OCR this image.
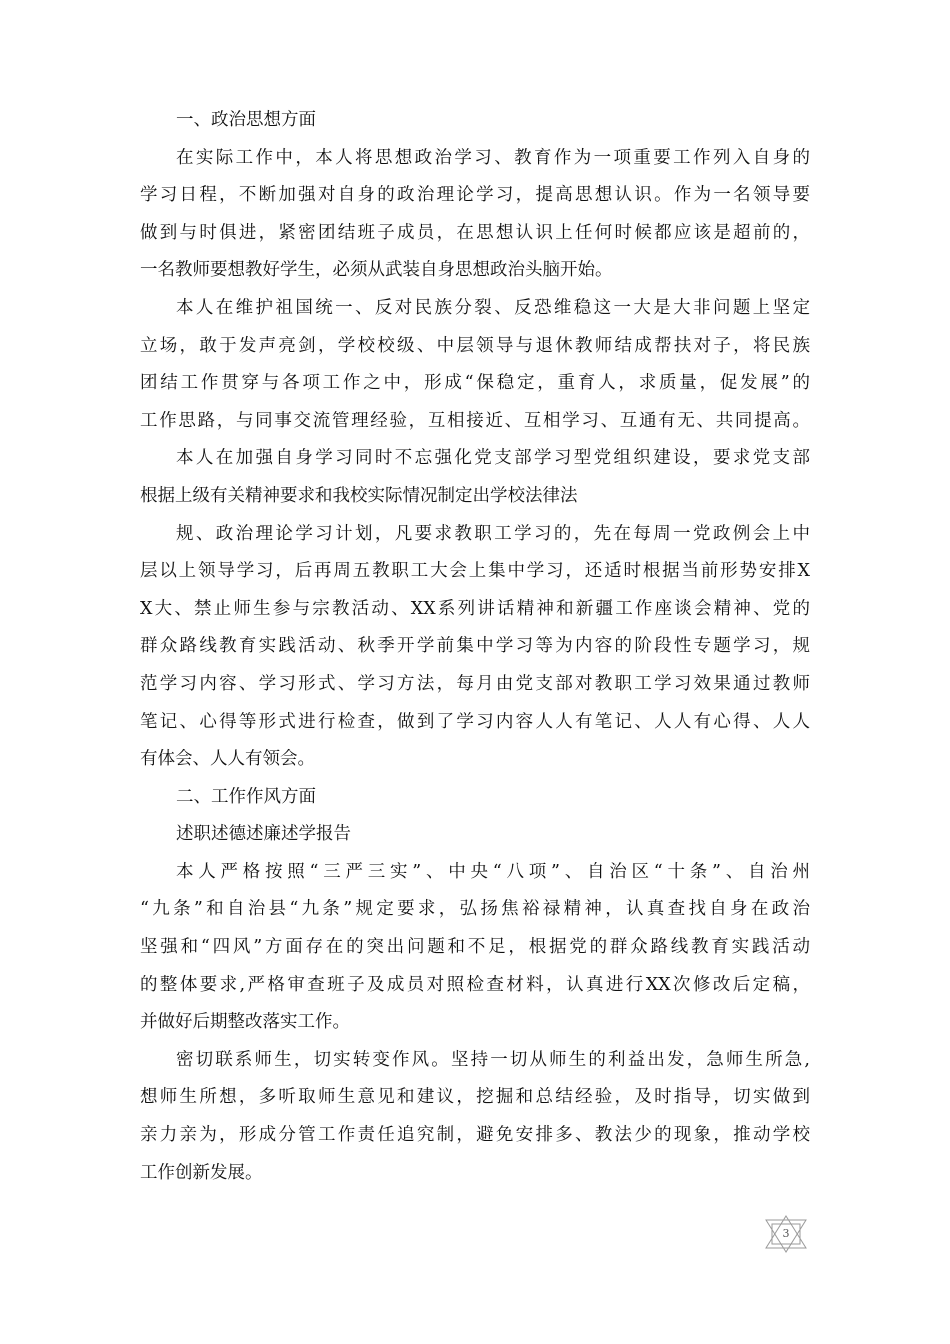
一、政治思想方面
在实际工作中，本人将思想政治学习、教育作为一项重要工作列入自身的
学习日程，不断加强对自身的政治理论学习，提高思想认识。作为一名领导要
做到与时俱进，紧密团结班子成员，在思想认识上任何时候都应该是超前的，
一名教师要想教好学生，必须从武装自身思想政治头脑开始。
本人在维护祖国统一、反对民族分裂、反恐维稳这一大是大非问题上坚定
立场，敢于发声亮剑，学校校级、中层领导与退休教师结成帮扶对子，将民族
团结工作贯穿与各项工作之中，形成“保稳定，重育人，求质量，促发展”的
工作思路，与同事交流管理经验，互相接近、互相学习、互通有无、共同提高。
本人在加强自身学习同时不忘强化党支部学习型党组织建设，要求党支部
根据上级有关精神要求和我校实际情况制定出学校法律法
规、政治理论学习计划，凡要求教职工学习的，先在每周一党政例会上中
层以上领导学习，后再周五教职工大会上集中学习，还适时根据当前形势安排X
X大、禁止师生参与宗教活动、XX系列讲话精神和新疆工作座谈会精神、党的
群众路线教育实践活动、秋季开学前集中学习等为内容的阶段性专题学习，规
范学习内容、学习形式、学习方法，每月由党支部对教职工学习效果通过教师
笔记、心得等形式进行检查，做到了学习内容人人有笔记、人人有心得、人人
有体会、人人有领会。
二、工作作风方面
述职述德述廉述学报告
本人严格按照“三严三实”、中央“八项”、自治区“十条”、自治州
“九条”和自治县“九条”规定要求，弘扬焦裕禄精神，认真查找自身在政治
坚强和“四风”方面存在的突出问题和不足，根据党的群众路线教育实践活动
的整体要求,严格审查班子及成员对照检查材料，认真进行XX次修改后定稿，
并做好后期整改落实工作。
密切联系师生，切实转变作风。坚持一切从师生的利益出发，急师生所急,
想师生所想，多听取师生意见和建议，挖掘和总结经验，及时指导，切实做到
亲力亲为，形成分管工作责任追究制，避免安排多、教法少的现象，推动学校
工作创新发展。
3
